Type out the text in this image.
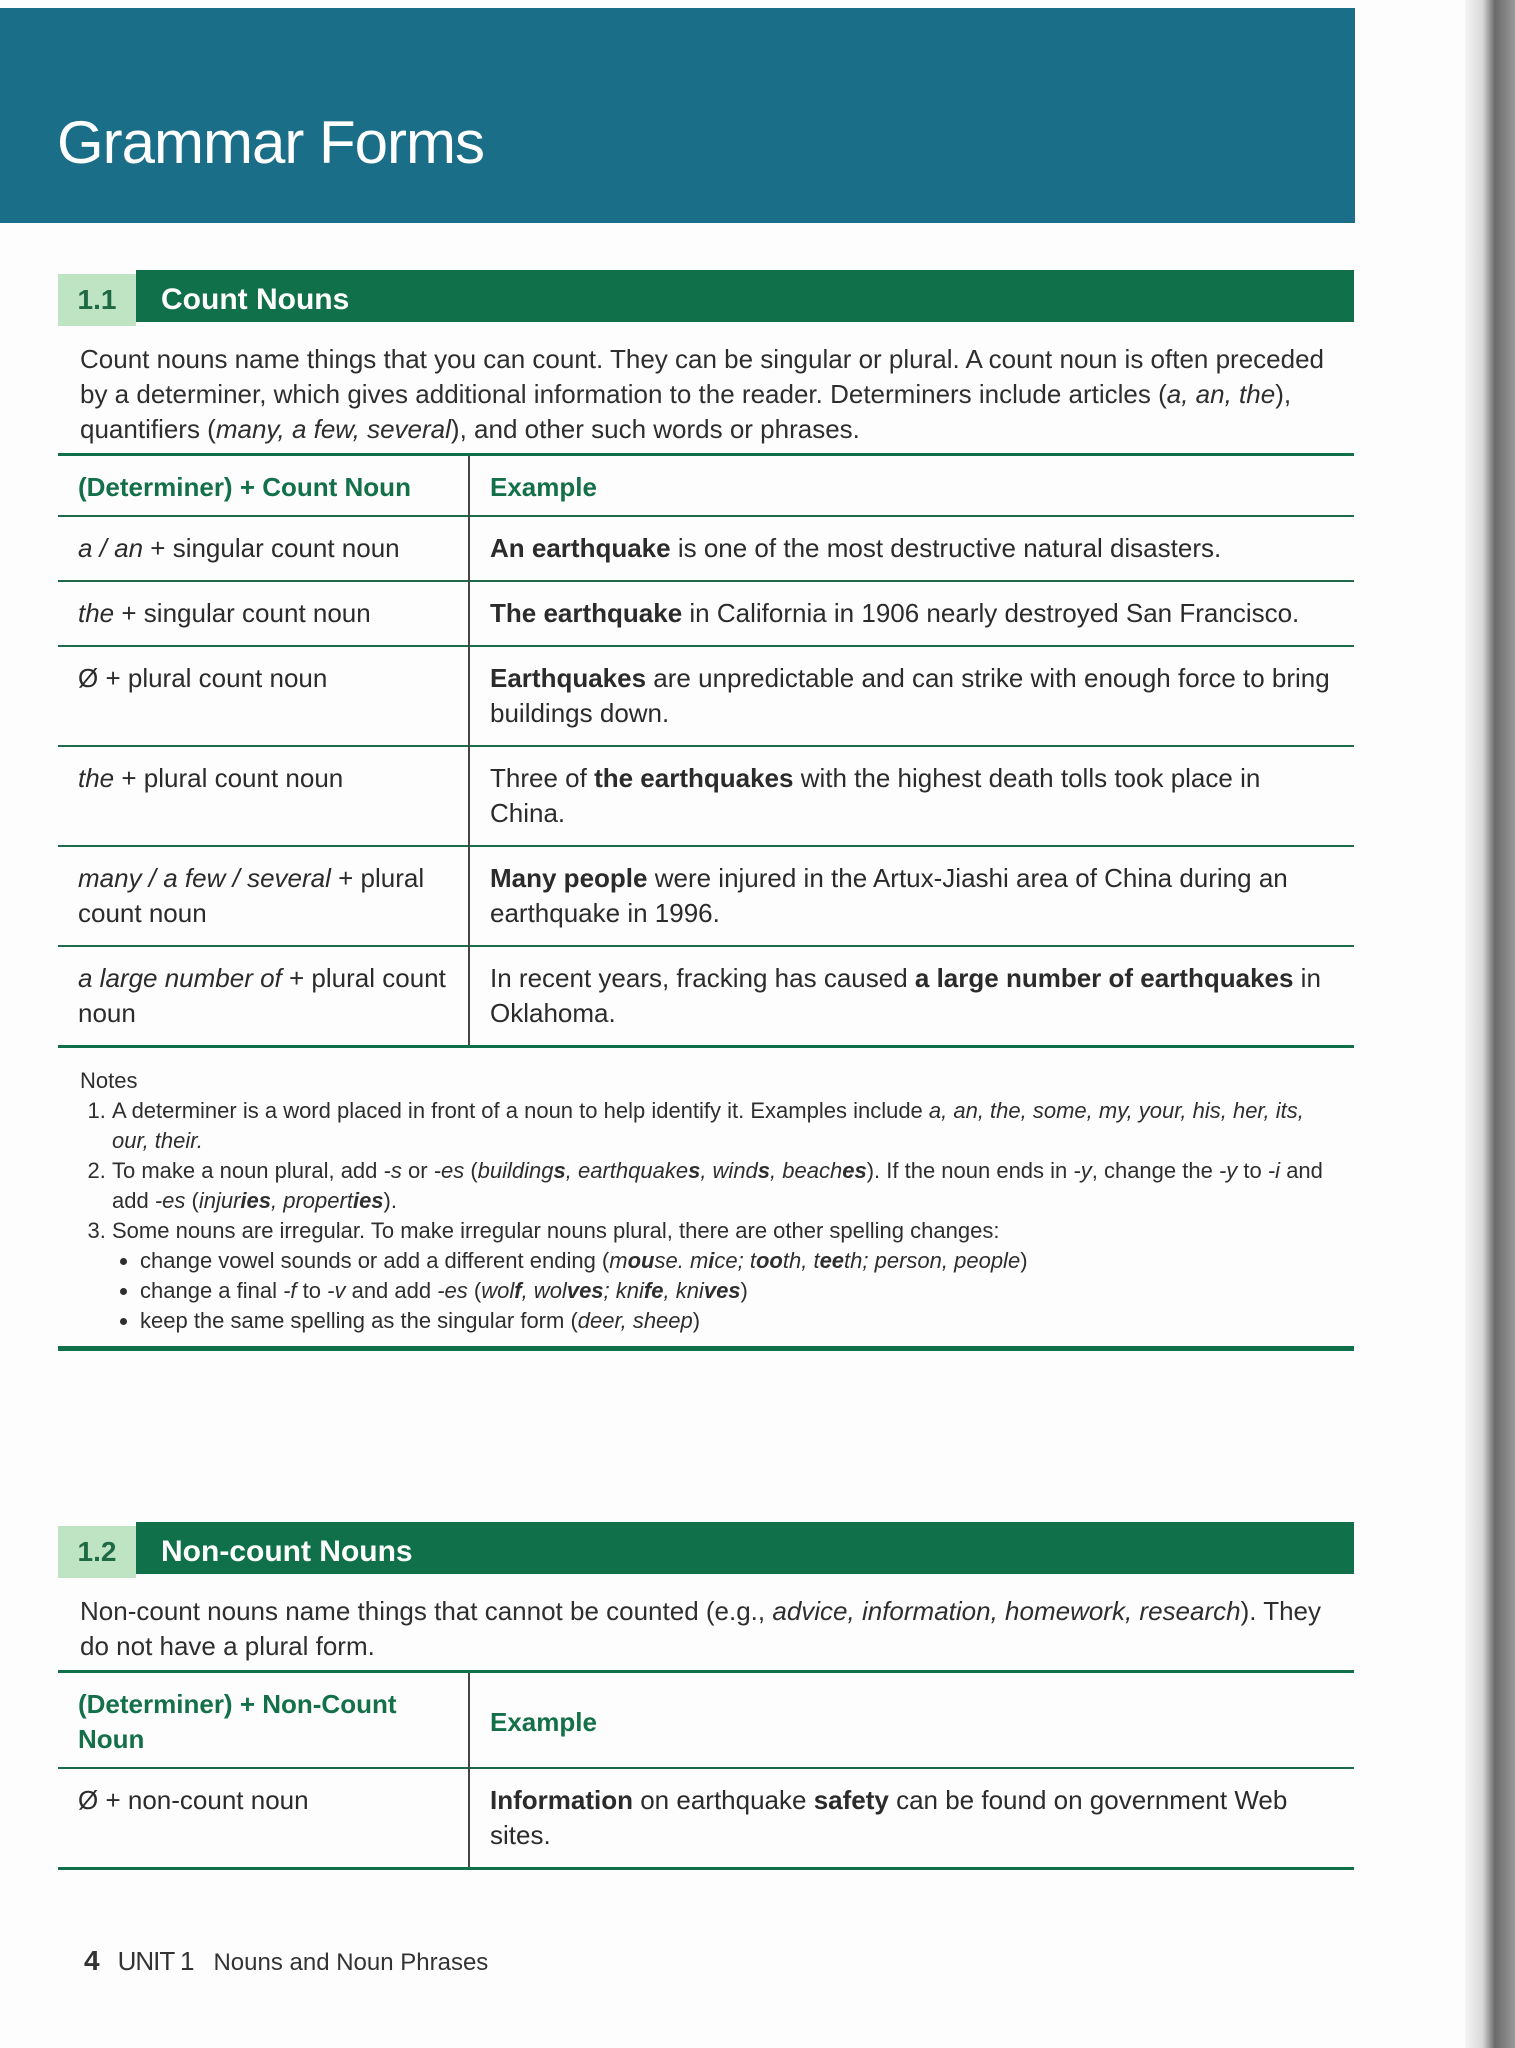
Grammar Forms
1.1	Count Nouns
Count nouns name things that you can count. They can be singular or plural. A count noun is often preceded by a determiner, which gives additional information to the reader. Determiners include articles (a, an, the), quantifiers (many, a few, several), and other such words or phrases.
(Determiner) + Count Noun	Example
a / an + singular count noun	An earthquake is one of the most destructive natural disasters.
the + singular count noun	The earthquake in California in 1906 nearly destroyed San Francisco.
Ø + plural count noun	Earthquakes are unpredictable and can strike with enough force to bring buildings down.
the + plural count noun	Three of the earthquakes with the highest death tolls took place in China.
many / a few / several + plural count noun	Many people were injured in the Artux-Jiashi area of China during an earthquake in 1996.
a large number of + plural count noun	In recent years, fracking has caused a large number of earthquakes in Oklahoma.
Notes
1. A determiner is a word placed in front of a noun to help identify it. Examples include a, an, the, some, my, your, his, her, its, our, their.
2. To make a noun plural, add -s or -es (buildings, earthquakes, winds, beaches). If the noun ends in -y, change the -y to -i and add -es (injuries, properties).
3. Some nouns are irregular. To make irregular nouns plural, there are other spelling changes:
• change vowel sounds or add a different ending (mouse. mice; tooth, teeth; person, people)
• change a final -f to -v and add -es (wolf, wolves; knife, knives)
• keep the same spelling as the singular form (deer, sheep)
1.2	Non-count Nouns
Non-count nouns name things that cannot be counted (e.g., advice, information, homework, research). They do not have a plural form.
(Determiner) + Non-Count Noun	Example
Ø + non-count noun	Information on earthquake safety can be found on government Web sites.
4 UNIT 1 Nouns and Noun Phrases
